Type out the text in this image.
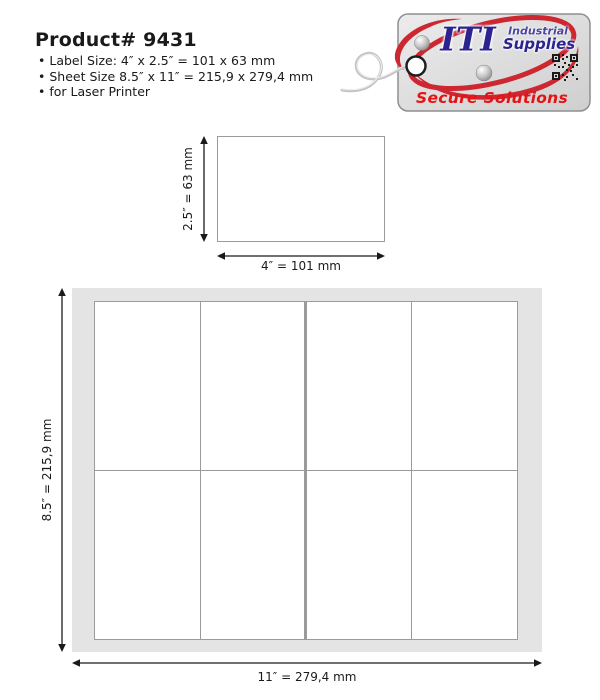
Product# 9431
• Label Size: 4″ x 2.5″ = 101 x 63 mm
• Sheet Size 8.5″ x 11″ = 215,9 x 279,4 mm
• for Laser Printer
ITI Industrial
Supplies
Secure Solutions
2.5″ = 63 mm
4″ = 101 mm
8.5″ = 215,9 mm
11″ = 279,4 mm
